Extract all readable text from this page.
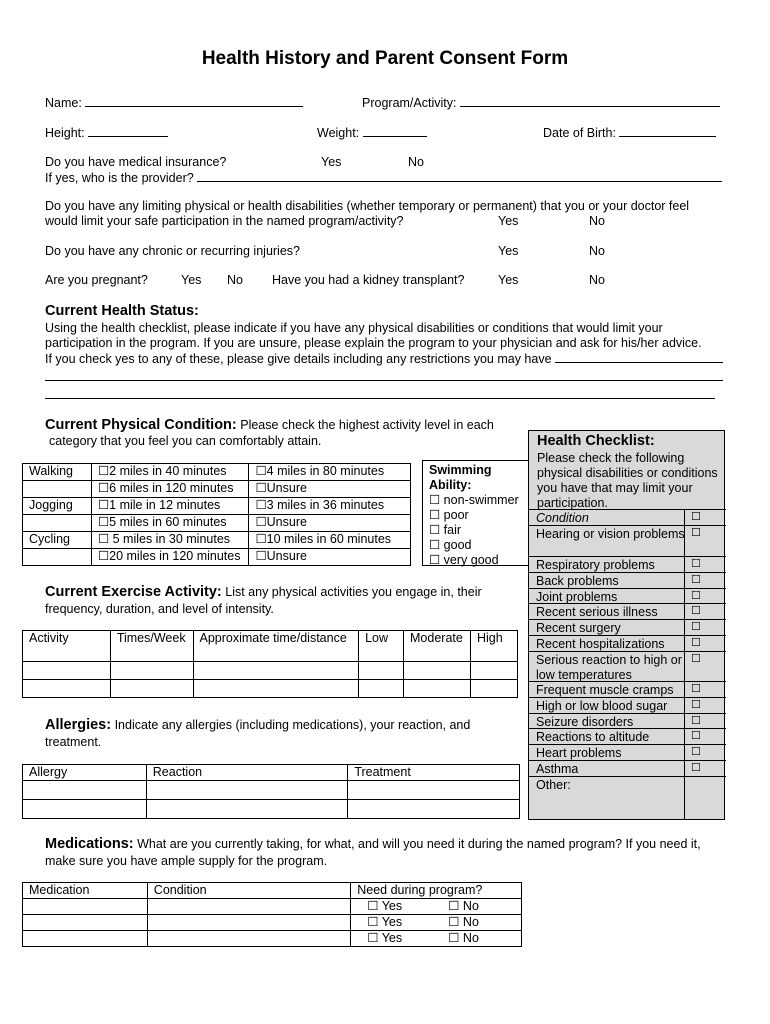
Health History and Parent Consent Form
Name:	Program/Activity:
Height:	Weight:	Date of Birth:
Do you have medical insurance?	Yes	No
If yes, who is the provider?
Do you have any limiting physical or health disabilities (whether temporary or permanent) that you or your doctor feel
would limit your safe participation in the named program/activity?	Yes	No
Do you have any chronic or recurring injuries?	Yes	No
Are you pregnant?	Yes No Have you had a kidney transplant?	Yes	No
Current Health Status:
Using the health checklist, please indicate if you have any physical disabilities or conditions that would limit your
participation in the program. If you are unsure, please explain the program to your physician and ask for his/her advice.
If you check yes to any of these, please give details including any restrictions you may have
Current Physical Condition: Please check the highest activity level in each
category that you feel you can comfortably attain.
Walking	☐2 miles in 40 minutes	☐4 miles in 80 minutes
	☐6 miles in 120 minutes	☐Unsure
Jogging	☐1 mile in 12 minutes	☐3 miles in 36 minutes
	☐5 miles in 60 minutes	☐Unsure
Cycling	☐ 5 miles in 30 minutes	☐10 miles in 60 minutes
	☐20 miles in 120 minutes	☐Unsure
Swimming
Ability:
☐ non-swimmer
☐ poor
☐ fair
☐ good
☐ very good
Health Checklist:
Please check the following physical disabilities or conditions you have that may limit your participation.
Condition	☐
Hearing or vision problems ☐
Respiratory problems	☐
Back problems	☐
Joint problems	☐
Recent serious illness	☐
Recent surgery	☐
Recent hospitalizations	☐
Serious reaction to high or low temperatures
☐
Frequent muscle cramps	☐
High or low blood sugar	☐
Seizure disorders	☐
Reactions to altitude	☐
Heart problems	☐
Asthma	☐
Other:
Current Exercise Activity: List any physical activities you engage in, their
frequency, duration, and level of intensity.
Activity	Times/Week	Approximate time/distance	Low	Moderate	High

Allergies: Indicate any allergies (including medications), your reaction, and
treatment.
Allergy	Reaction	Treatment

Medications: What are you currently taking, for what, and will you need it during the named program? If you need it,
make sure you have ample supply for the program.
Medication	Condition	Need during program?
		☐ Yes ☐ No
		☐ Yes ☐ No
		☐ Yes ☐ No
